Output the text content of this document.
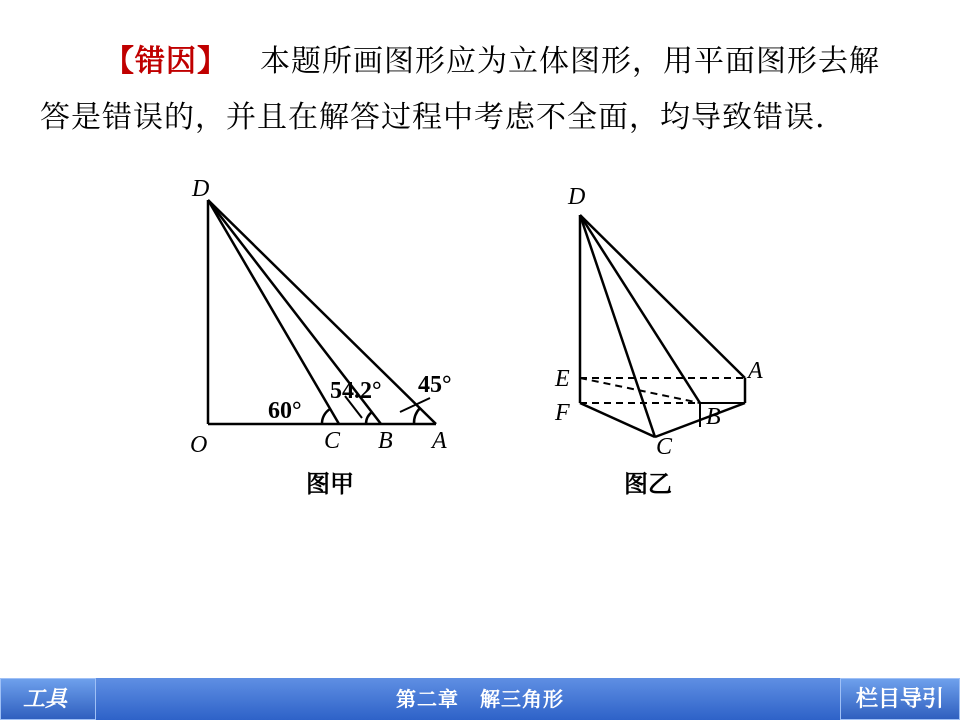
【错因】 本题所画图形应为立体图形，用平面图形去解
答是错误的，并且在解答过程中考虑不全面，均导致错误.
D
O	C B A
60°
54.2° 45°
图甲
D
E
F
A
B
C
图乙
第二章　解三角形
工具	栏目导引
